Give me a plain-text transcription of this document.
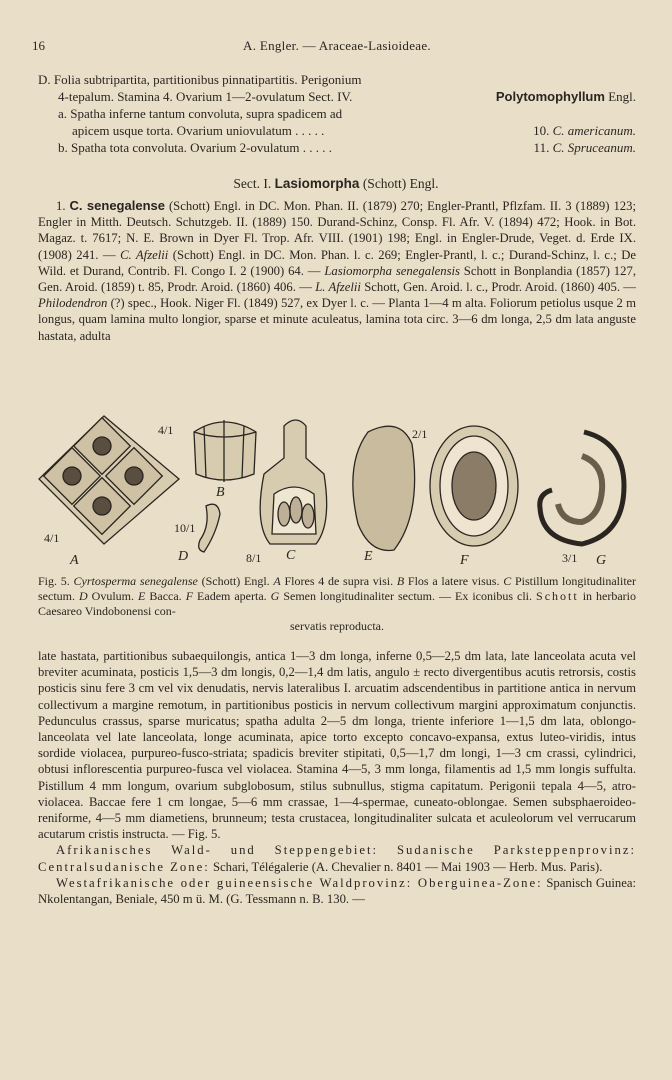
16	A. Engler. — Araceae-Lasioideae.
D. Folia subtripartita, partitionibus pinnatipartitis. Perigonium
4-tepalum. Stamina 4. Ovarium 1—2-ovulatum Sect. IV.	Polytomophyllum Engl.
a. Spatha inferne tantum convoluta, supra spadicem ad
apicem usque torta. Ovarium uniovulatum . . . . .	10. C. americanum.
b. Spatha tota convoluta. Ovarium 2-ovulatum . . . . .	11. C. Spruceanum.
Sect. I. Lasiomorpha (Schott) Engl.

1. C. senegalense (Schott) Engl. in DC. Mon. Phan. II. (1879) 270; Engler-Prantl, Pflzfam. II. 3 (1889) 123; Engler in Mitth. Deutsch. Schutzgeb. II. (1889) 150. Durand-Schinz, Consp. Fl. Afr. V. (1894) 472; Hook. in Bot. Magaz. t. 7617; N. E. Brown in Dyer Fl. Trop. Afr. VIII. (1901) 198; Engl. in Engler-Drude, Veget. d. Erde IX. (1908) 241. — C. Afzelii (Schott) Engl. in DC. Mon. Phan. l. c. 269; Engler-Prantl, l. c.; Durand-Schinz, l. c.; De Wild. et Durand, Contrib. Fl. Congo I. 2 (1900) 64. — Lasiomorpha senegalensis Schott in Bonplandia (1857) 127, Gen. Aroid. (1859) t. 85, Prodr. Aroid. (1860) 406. — L. Afzelii Schott, Gen. Aroid. l. c., Prodr. Aroid. (1860) 405. — Philodendron (?) spec., Hook. Niger Fl. (1849) 527, ex Dyer l. c. — Planta 1—4 m alta. Foliorum petiolus usque 2 m longus, quam lamina multo longior, sparse et minute aculeatus, lamina tota circ. 3—6 dm longa, 2,5 dm lata anguste hastata, adulta

4/1
4/1
10/1
8/1
2/1
3/1
A
B
C
D	E	F	G
Fig. 5. Cyrtosperma senegalense (Schott) Engl. A Flores 4 de supra visi. B Flos a latere visus. C Pistillum longitudinaliter sectum. D Ovulum. E Bacca. F Eadem aperta. G Semen longitudinaliter sectum. — Ex iconibus cli. Schott in herbario Caesareo Vindobonensi con-
servatis reproducta.

late hastata, partitionibus subaequilongis, antica 1—3 dm longa, inferne 0,5—2,5 dm lata, late lanceolata acuta vel breviter acuminata, posticis 1,5—3 dm longis, 0,2—1,4 dm latis, angulo ± recto divergentibus acutis retrorsis, costis posticis sinu fere 3 cm vel vix denudatis, nervis lateralibus I. arcuatim adscendentibus in partitione antica in nervum collectivum a margine remotum, in partitionibus posticis in nervum collectivum margini approximatum conjunctis. Pedunculus crassus, sparse muricatus; spatha adulta 2—5 dm longa, triente inferiore 1—1,5 dm lata, oblongo-lanceolata vel late lanceolata, longe acuminata, apice torto excepto concavo-expansa, extus luteo-viridis, intus sordide violacea, purpureo-fusco-striata; spadicis breviter stipitati, 0,5—1,7 dm longi, 1—3 cm crassi, cylindrici, obtusi inflorescentia purpureo-fusca vel violacea. Stamina 4—5, 3 mm longa, filamentis ad 1,5 mm longis suffulta. Pistillum 4 mm longum, ovarium subglobosum, stilus subnullus, stigma capitatum. Perigonii tepala 4—5, atro-violacea. Baccae fere 1 cm longae, 5—6 mm crassae, 1—4-spermae, cuneato-oblongae. Semen subsphaeroideo-reniforme, 4—5 mm diametiens, brunneum; testa crustacea, longitudinaliter sulcata et aculeolorum vel verrucarum acutarum cristis instructa. — Fig. 5.

Afrikanisches Wald- und Steppengebiet: Sudanische Parksteppenprovinz: Centralsudanische Zone: Schari, Télégalerie (A. Chevalier n. 8401 — Mai 1903 — Herb. Mus. Paris).

Westafrikanische oder guineensische Waldprovinz: Oberguinea-Zone: Spanisch Guinea: Nkolentangan, Beniale, 450 m ü. M. (G. Tessmann n. B. 130. —
